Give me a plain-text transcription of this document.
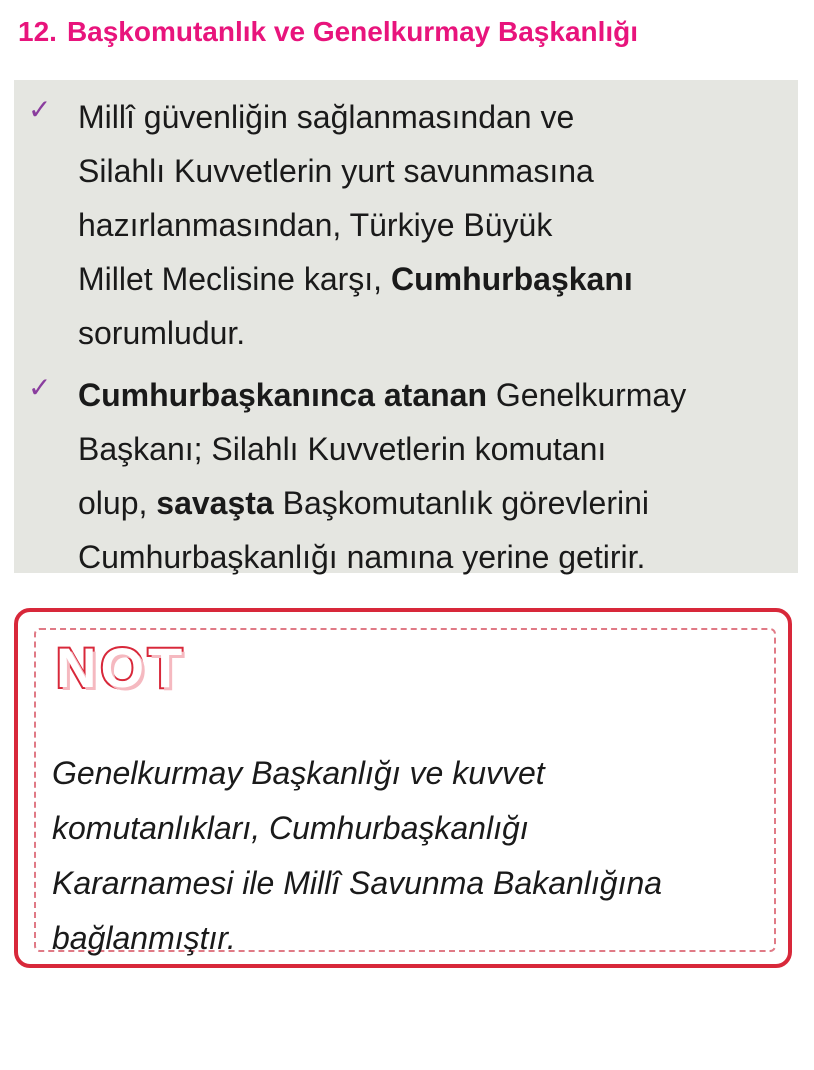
12. Başkomutanlık ve Genelkurmay Başkanlığı
✓ Millî güvenliğin sağlanmasından ve
Silahlı Kuvvetlerin yurt savunmasına
hazırlanmasından, Türkiye Büyük
Millet Meclisine karşı, Cumhurbaşkanı
sorumludur.
✓ Cumhurbaşkanınca atanan Genelkurmay
Başkanı; Silahlı Kuvvetlerin komutanı
olup, savaşta Başkomutanlık görevlerini
Cumhurbaşkanlığı namına yerine getirir.
NOT
Genelkurmay Başkanlığı ve kuvvet
komutanlıkları, Cumhurbaşkanlığı
Kararnamesi ile Millî Savunma Bakanlığına
bağlanmıştır.
